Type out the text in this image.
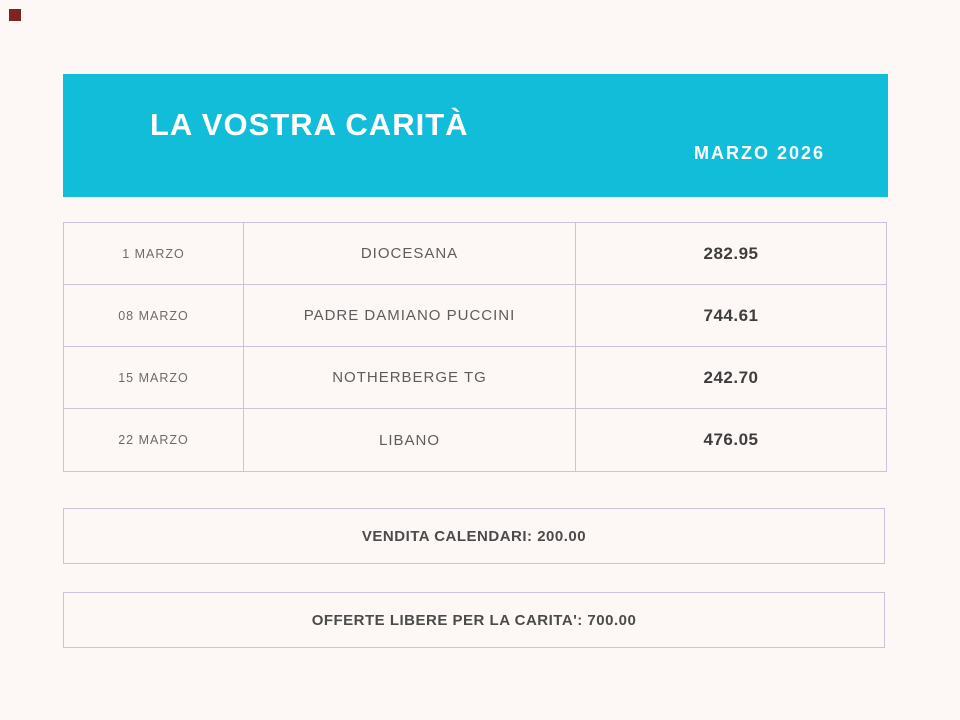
LA VOSTRA CARITÀ
MARZO 2026
1 MARZO	DIOCESANA	282.95
08 MARZO	PADRE DAMIANO PUCCINI	744.61
15 MARZO	NOTHERBERGE TG	242.70
22 MARZO	LIBANO	476.05
VENDITA CALENDARI: 200.00
OFFERTE LIBERE PER LA CARITA': 700.00
